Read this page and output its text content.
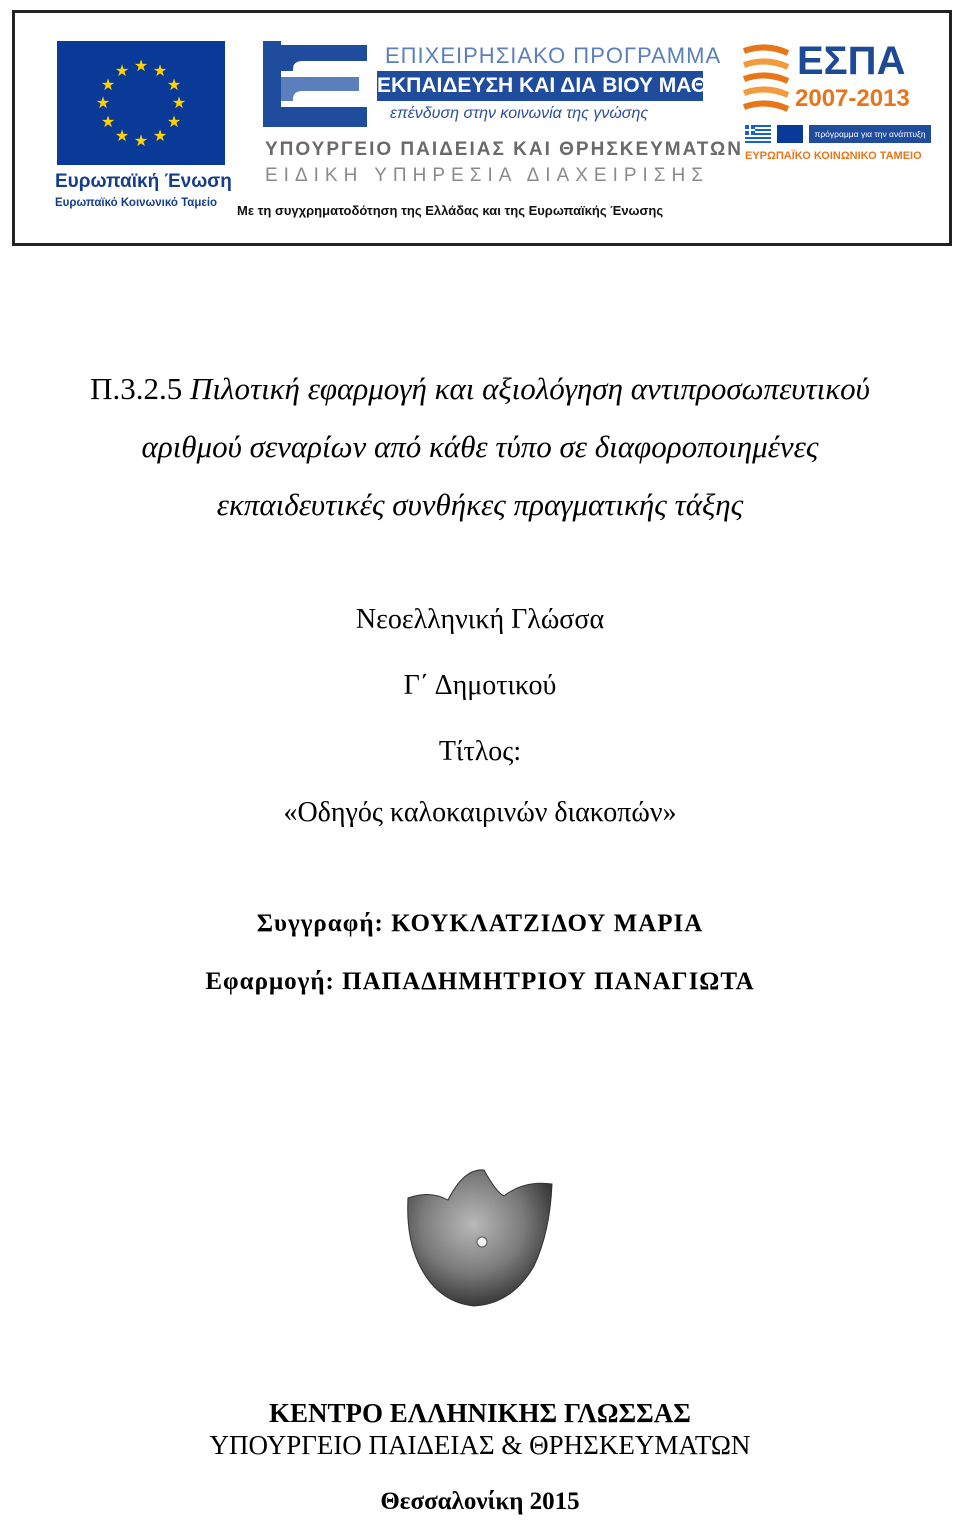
★ ★
★
★
★
★
★
★
★
★
★
★
Ευρωπαϊκή Ένωση
Ευρωπαϊκό Κοινωνικό Ταμείο
ΕΠΙΧΕΙΡΗΣΙΑΚΟ ΠΡΟΓΡΑΜΜΑ
ΕΚΠΑΙΔΕΥΣΗ ΚΑΙ ΔΙΑ ΒΙΟΥ ΜΑΘΗΣΗ
επένδυση στην κοινωνία της γνώσης
ΥΠΟΥΡΓΕΙΟ ΠΑΙΔΕΙΑΣ ΚΑΙ ΘΡΗΣΚΕΥΜΑΤΩΝ
ΕΙΔΙΚΗ ΥΠΗΡΕΣΙΑ ΔΙΑΧΕΙΡΙΣΗΣ
Με τη συγχρηματοδότηση της Ελλάδας και της Ευρωπαϊκής Ένωσης
ΕΣΠΑ
2007-2013
πρόγραμμα για την ανάπτυξη
ΕΥΡΩΠΑΪΚΟ ΚΟΙΝΩΝΙΚΟ ΤΑΜΕΙΟ
Π.3.2.5 Πιλοτική εφαρμογή και αξιολόγηση αντιπροσωπευτικού
αριθμού σεναρίων από κάθε τύπο σε διαφοροποιημένες
εκπαιδευτικές συνθήκες πραγματικής τάξης
Νεοελληνική Γλώσσα
Γ΄ Δημοτικού
Τίτλος:
«Οδηγός καλοκαιρινών διακοπών»
Συγγραφή: ΚΟΥΚΛΑΤΖΙΔΟΥ ΜΑΡΙΑ
Εφαρμογή: ΠΑΠΑΔΗΜΗΤΡΙΟΥ ΠΑΝΑΓΙΩΤΑ
ΚΕΝΤΡΟ ΕΛΛΗΝΙΚΗΣ ΓΛΩΣΣΑΣ
ΥΠΟΥΡΓΕΙΟ ΠΑΙΔΕΙΑΣ & ΘΡΗΣΚΕΥΜΑΤΩΝ
Θεσσαλονίκη 2015
